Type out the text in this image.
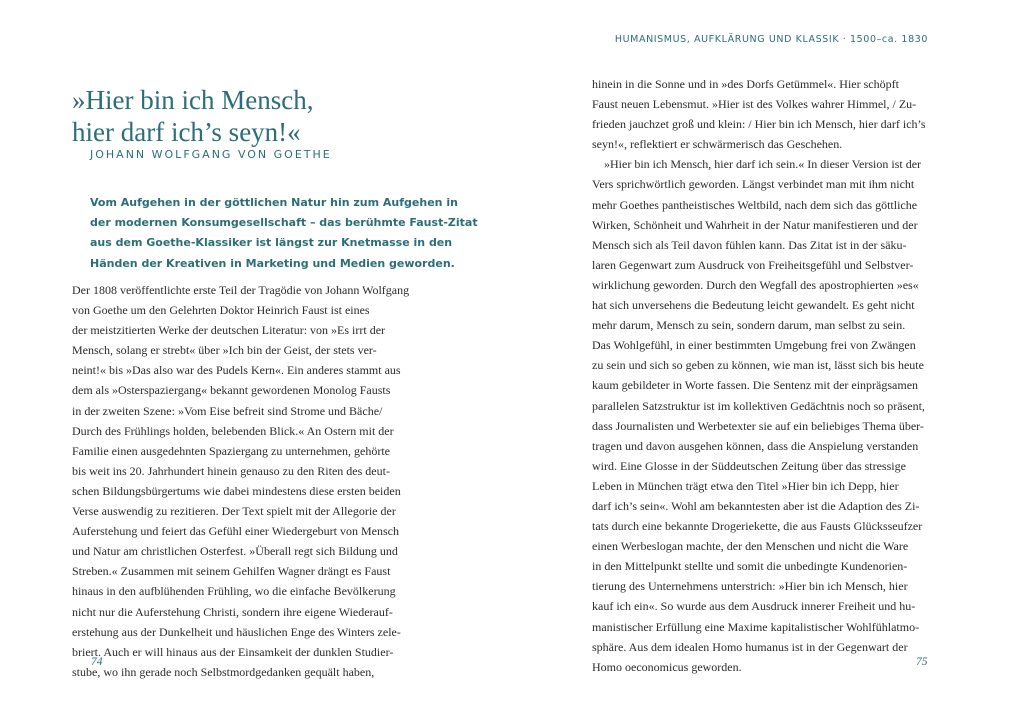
HUMANISMUS, AUFKLÄRUNG UND KLASSIK · 1500–ca. 1830
»Hier bin ich Mensch,
hier darf ich’s seyn!«
JOHANN WOLFGANG VON GOETHE
Vom Aufgehen in der göttlichen Natur hin zum Aufgehen in
der modernen Konsumgesellschaft – das berühmte Faust-Zitat
aus dem Goethe-Klassiker ist längst zur Knetmasse in den
Händen der Kreativen in Marketing und Medien geworden.
Der 1808 veröffentlichte erste Teil der Tragödie von Johann Wolfgang
von Goethe um den Gelehrten Doktor Heinrich Faust ist eines
der meistzitierten Werke der deutschen Literatur: von »Es irrt der
Mensch, solang er strebt« über »Ich bin der Geist, der stets ver-
neint!« bis »Das also war des Pudels Kern«. Ein anderes stammt aus
dem als »Osterspaziergang« bekannt gewordenen Monolog Fausts
in der zweiten Szene: »Vom Eise befreit sind Strome und Bäche/
Durch des Frühlings holden, belebenden Blick.« An Ostern mit der
Familie einen ausgedehnten Spaziergang zu unternehmen, gehörte
bis weit ins 20. Jahrhundert hinein genauso zu den Riten des deut-
schen Bildungsbürgertums wie dabei mindestens diese ersten beiden
Verse auswendig zu rezitieren. Der Text spielt mit der Allegorie der
Auferstehung und feiert das Gefühl einer Wiedergeburt von Mensch
und Natur am christlichen Osterfest. »Überall regt sich Bildung und
Streben.« Zusammen mit seinem Gehilfen Wagner drängt es Faust
hinaus in den aufblühenden Frühling, wo die einfache Bevölkerung
nicht nur die Auferstehung Christi, sondern ihre eigene Wiederauf-
erstehung aus der Dunkelheit und häuslichen Enge des Winters zele-
briert. Auch er will hinaus aus der Einsamkeit der dunklen Studier-
stube, wo ihn gerade noch Selbstmordgedanken gequält haben,
hinein in die Sonne und in »des Dorfs Getümmel«. Hier schöpft
Faust neuen Lebensmut. »Hier ist des Volkes wahrer Himmel, / Zu-
frieden jauchzet groß und klein: / Hier bin ich Mensch, hier darf ich’s
seyn!«, reflektiert er schwärmerisch das Geschehen.
»Hier bin ich Mensch, hier darf ich sein.« In dieser Version ist der
Vers sprichwörtlich geworden. Längst verbindet man mit ihm nicht
mehr Goethes pantheistisches Weltbild, nach dem sich das göttliche
Wirken, Schönheit und Wahrheit in der Natur manifestieren und der
Mensch sich als Teil davon fühlen kann. Das Zitat ist in der säku-
laren Gegenwart zum Ausdruck von Freiheitsgefühl und Selbstver-
wirklichung geworden. Durch den Wegfall des apostrophierten »es«
hat sich unversehens die Bedeutung leicht gewandelt. Es geht nicht
mehr darum, Mensch zu sein, sondern darum, man selbst zu sein.
Das Wohlgefühl, in einer bestimmten Umgebung frei von Zwängen
zu sein und sich so geben zu können, wie man ist, lässt sich bis heute
kaum gebildeter in Worte fassen. Die Sentenz mit der einprägsamen
parallelen Satzstruktur ist im kollektiven Gedächtnis noch so präsent,
dass Journalisten und Werbetexter sie auf ein beliebiges Thema über-
tragen und davon ausgehen können, dass die Anspielung verstanden
wird. Eine Glosse in der Süddeutschen Zeitung über das stressige
Leben in München trägt etwa den Titel »Hier bin ich Depp, hier
darf ich’s sein«. Wohl am bekanntesten aber ist die Adaption des Zi-
tats durch eine bekannte Drogeriekette, die aus Fausts Glücksseufzer
einen Werbeslogan machte, der den Menschen und nicht die Ware
in den Mittelpunkt stellte und somit die unbedingte Kundenorien-
tierung des Unternehmens unterstrich: »Hier bin ich Mensch, hier
kauf ich ein«. So wurde aus dem Ausdruck innerer Freiheit und hu-
manistischer Erfüllung eine Maxime kapitalistischer Wohlfühlatmo-
sphäre. Aus dem idealen Homo humanus ist in der Gegenwart der
Homo oeconomicus geworden.
74	75
